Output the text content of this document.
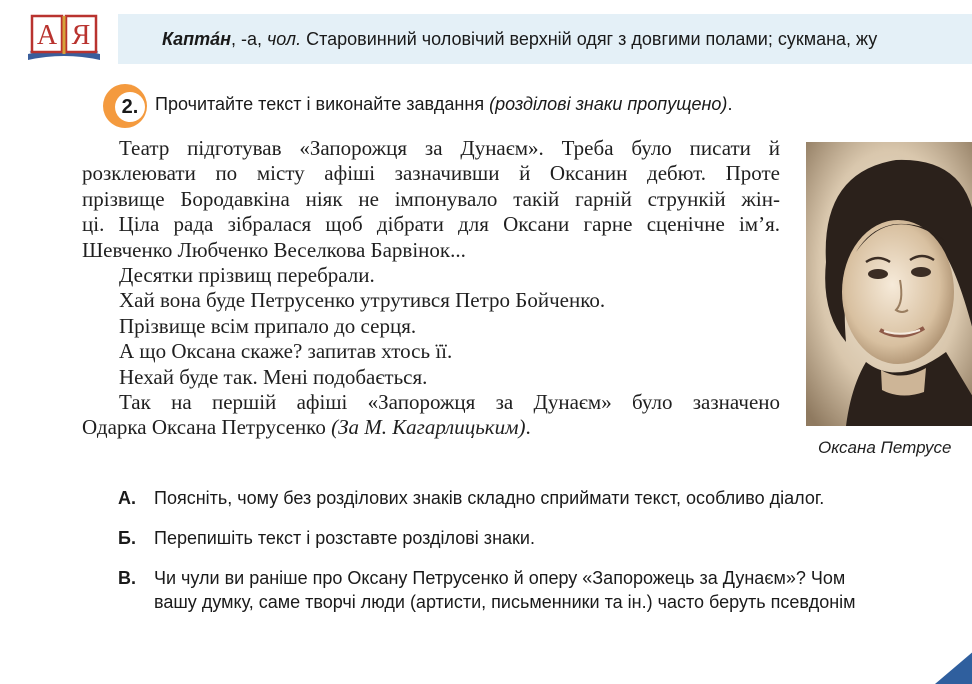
А Я	Каптáн, -а, чол. Старовинний чоловічий верхній одяг з довгими полами; сукмана, жу
2. Прочитайте текст і виконайте завдання (розділові знаки пропущено).

Театр підготував «Запорожця за Дунаєм». Треба було писати й

розклеювати по місту афіші зазначивши й Оксанин дебют. Проте

прізвище Бородавкіна ніяк не імпонувало такій гарній стрункій жін-

ці. Ціла рада зібралася щоб дібрати для Оксани гарне сценічне ім’я.

Шевченко Любченко Веселкова Барвінок...

Десятки прізвищ перебрали.

Хай вона буде Петрусенко утрутився Петро Бойченко.

Прізвище всім припало до серця.

А що Оксана скаже? запитав хтось її.

Нехай буде так. Мені подобається.

Так на першій афіші «Запорожця за Дунаєм» було зазначено

Одарка Оксана Петрусенко (За М. Кагарлицьким).

Оксана Петрусе
А. Поясніть, чому без розділових знаків складно сприймати текст, особливо діалог.
Б. Перепишіть текст і розставте розділові знаки.
В. Чи чули ви раніше про Оксану Петрусенко й оперу «Запорожець за Дунаєм»? Чом
вашу думку, саме творчі люди (артисти, письменники та ін.) часто беруть псевдонім
